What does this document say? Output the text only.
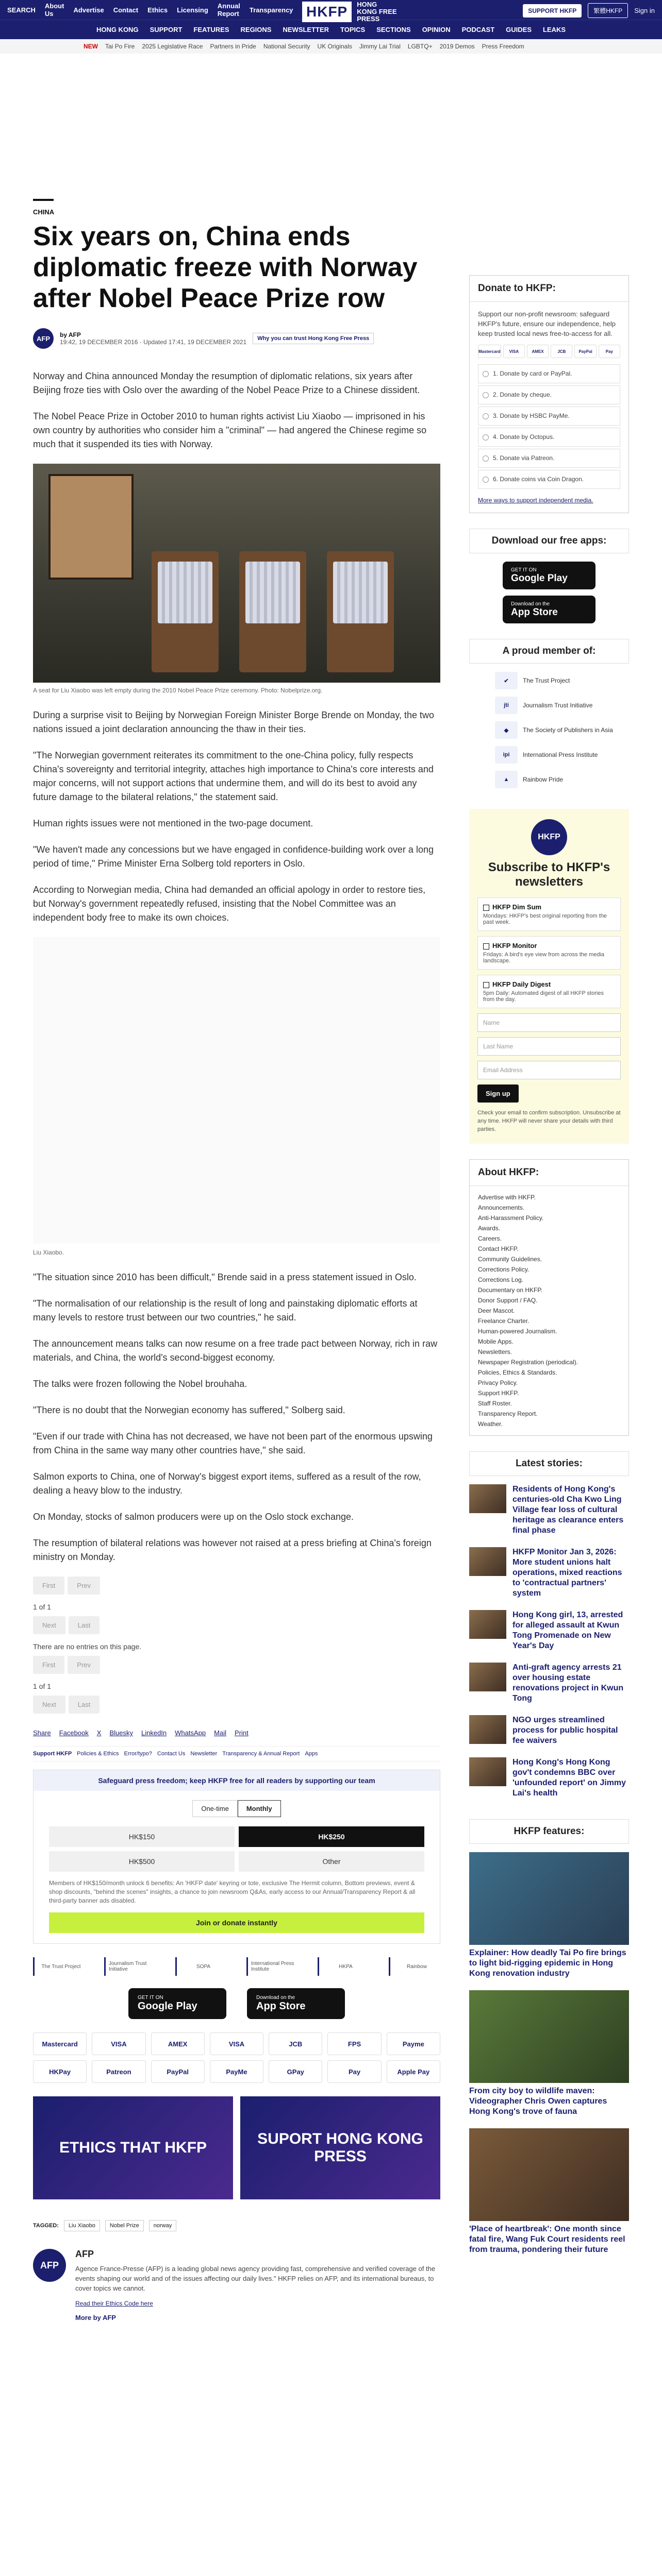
SEARCH About Us	Advertise Contact Ethics Licensing Annual Report Transparency HKFP	HONG KONG FREE PRESS
SUPPORT HKFP	繁體HKFP	Sign in
HONG KONG SUPPORT FEATURES REGIONS NEWSLETTER TOPICS SECTIONS OPINION PODCAST GUIDES LEAKS
NEW Tai Po Fire 2025 Legislative Race Partners in Pride National Security UK Originals Jimmy Lai Trial LGBTQ+ 2019 Demos Press Freedom
CHINA
Six years on, China ends diplomatic freeze with Norway after Nobel Peace Prize row
AFP	by AFP
19:42, 19 DECEMBER 2016 · Updated 17:41, 19 DECEMBER 2021	Why you can trust Hong Kong Free Press

Norway and China announced Monday the resumption of diplomatic relations, six years after Beijing froze ties with Oslo over the awarding of the Nobel Peace Prize to a Chinese dissident.

The Nobel Peace Prize in October 2010 to human rights activist Liu Xiaobo — imprisoned in his own country by authorities who consider him a "criminal" — had angered the Chinese regime so much that it suspended its ties with Norway.

A seat for Liu Xiaobo was left empty during the 2010 Nobel Peace Prize ceremony. Photo: Nobelprize.org.

During a surprise visit to Beijing by Norwegian Foreign Minister Borge Brende on Monday, the two nations issued a joint declaration announcing the thaw in their ties.

"The Norwegian government reiterates its commitment to the one-China policy, fully respects China's sovereignty and territorial integrity, attaches high importance to China's core interests and major concerns, will not support actions that undermine them, and will do its best to avoid any future damage to the bilateral relations," the statement said.

Human rights issues were not mentioned in the two-page document.

"We haven't made any concessions but we have engaged in confidence-building work over a long period of time," Prime Minister Erna Solberg told reporters in Oslo.

According to Norwegian media, China had demanded an official apology in order to restore ties, but Norway's government repeatedly refused, insisting that the Nobel Committee was an independent body free to make its own choices.

Liu Xiaobo.

"The situation since 2010 has been difficult," Brende said in a press statement issued in Oslo.

"The normalisation of our relationship is the result of long and painstaking diplomatic efforts at many levels to restore trust between our two countries," he said.

The announcement means talks can now resume on a free trade pact between Norway, rich in raw materials, and China, the world's second-biggest economy.

The talks were frozen following the Nobel brouhaha.

"There is no doubt that the Norwegian economy has suffered," Solberg said.

"Even if our trade with China has not decreased, we have not been part of the enormous upswing from China in the same way many other countries have," she said.

Salmon exports to China, one of Norway's biggest export items, suffered as a result of the row, dealing a heavy blow to the industry.

On Monday, stocks of salmon producers were up on the Oslo stock exchange.

The resumption of bilateral relations was however not raised at a press briefing at China's foreign ministry on Monday.

First	Prev
1 of 1
Next	Last
There are no entries on this page.
First	Prev
1 of 1
Next	Last
Share Facebook X Bluesky LinkedIn WhatsApp Mail Print
Support HKFP Policies & Ethics Error/typo? Contact Us Newsletter Transparency & Annual Report Apps
Safeguard press freedom; keep HKFP free for all readers by supporting our team
One-time	Monthly
HK$150	HK$250
HK$500	Other
Members of HK$150/month unlock 6 benefits: An 'HKFP date' keyring or tote, exclusive The Hermit column, Bottom previews, event & shop discounts, "behind the scenes" insights, a chance to join newsroom Q&As, early access to our Annual/Transparency Report & all third-party banner ads disabled.
Join or donate instantly
The Trust Project	Journalism Trust Initiative	SOPA	International Press Institute	HKPA	Rainbow
GET IT ON
Google Play
Download on the
App Store
Mastercard	VISA	AMEX	VISA	JCB	FPS	Payme
HKPay	Patreon	PayPal	PayMe	GPay	Pay	Apple Pay
ETHICS THAT HKFP
SUPORT HONG KONG PRESS
TAGGED:	Liu Xiaobo	Nobel Prize	norway
AFP
AFP

Agence France-Presse (AFP) is a leading global news agency providing fast, comprehensive and verified coverage of the events shaping our world and of the issues affecting our daily lives." HKFP relies on AFP, and its international bureaus, to cover topics we cannot.

Read their Ethics Code here

More by AFP
Donate to HKFP:
Support our non-profit newsroom: safeguard HKFP's future, ensure our independence, help keep trusted local news free-to-access for all.
Mastercard	VISA	AMEX	JCB	PayPal	Pay
1. Donate by card or PayPal.
2. Donate by cheque.
3. Donate by HSBC PayMe.
4. Donate by Octopus.
5. Donate via Patreon.
6. Donate coins via Coin Dragon.
More ways to support independent media.
Download our free apps:
GET IT ON
Google Play
Download on the
App Store
A proud member of:
✔	The Trust Project
jti	Journalism Trust Initiative
◆	The Society of Publishers in Asia
ipi	International Press Institute
▲	Rainbow Pride
HKFP
Subscribe to HKFP's newsletters
HKFP Dim Sum
Mondays: HKFP's best original reporting from the past week.
HKFP Monitor
Fridays: A bird's eye view from across the media landscape.
HKFP Daily Digest
5pm Daily: Automated digest of all HKFP stories from the day.
Name
Last Name
Email Address
Sign up
Check your email to confirm subscription. Unsubscribe at any time. HKFP will never share your details with third parties.
About HKFP:
Advertise with HKFP.
Announcements.
Anti-Harassment Policy.
Awards.
Careers.
Contact HKFP.
Community Guidelines.
Corrections Policy.
Corrections Log.
Documentary on HKFP.
Donor Support / FAQ.
Deer Mascot.
Freelance Charter.
Human-powered Journalism.
Mobile Apps.
Newsletters.
Newspaper Registration (periodical).
Policies, Ethics & Standards.
Privacy Policy.
Support HKFP.
Staff Roster.
Transparency Report.
Weather.
Latest stories:
Residents of Hong Kong's centuries-old Cha Kwo Ling Village fear loss of cultural heritage as clearance enters final phase
HKFP Monitor Jan 3, 2026: More student unions halt operations, mixed reactions to 'contractual partners' system
Hong Kong girl, 13, arrested for alleged assault at Kwun Tong Promenade on New Year's Day
Anti-graft agency arrests 21 over housing estate renovations project in Kwun Tong
NGO urges streamlined process for public hospital fee waivers
Hong Kong's Hong Kong gov't condemns BBC over 'unfounded report' on Jimmy Lai's health
HKFP features:
Explainer: How deadly Tai Po fire brings to light bid-rigging epidemic in Hong Kong renovation industry
From city boy to wildlife maven: Videographer Chris Owen captures Hong Kong's trove of fauna
'Place of heartbreak': One month since fatal fire, Wang Fuk Court residents reel from trauma, pondering their future
